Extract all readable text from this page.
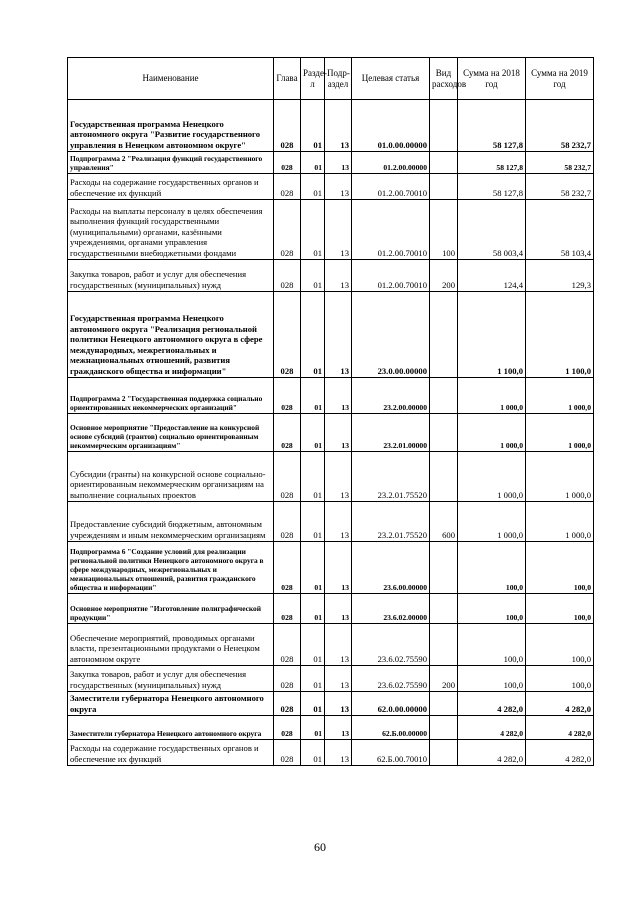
Наименование	Глава	Раздел	Подраздел	Целевая статья	Вид расходов	Сумма на 2018 год	Сумма на 2019 год
Государственная программа Ненецкого автономного округа "Развитие государственного управления в Ненецком автономном округе"	028	01	13	01.0.00.00000		58 127,8	58 232,7
Подпрограмма 2 "Реализация функций государственного управления"	028	01	13	01.2.00.00000		58 127,8	58 232,7
Расходы на содержание государственных органов и обеспечение их функций	028	01	13	01.2.00.70010		58 127,8	58 232,7
Расходы на выплаты персоналу в целях обеспечения выполнения функций государственными (муниципальными) органами, казёнными учреждениями, органами управления государственными внебюджетными фондами	028	01	13	01.2.00.70010	100	58 003,4	58 103,4
Закупка товаров, работ и услуг для обеспечения государственных (муниципальных) нужд	028	01	13	01.2.00.70010	200	124,4	129,3
Государственная программа Ненецкого автономного округа "Реализация региональной политики Ненецкого автономного округа в сфере международных, межрегиональных и межнациональных отношений, развития гражданского общества и информации"	028	01	13	23.0.00.00000		1 100,0	1 100,0
Подпрограмма 2 "Государственная поддержка социально ориентированных некоммерческих организаций"	028	01	13	23.2.00.00000		1 000,0	1 000,0
Основное мероприятие "Предоставление на конкурсной основе субсидий (грантов) социально ориентированным некоммерческим организациям"	028	01	13	23.2.01.00000		1 000,0	1 000,0
Субсидии (гранты) на конкурсной основе социально-ориентированным некоммерческим организациям на выполнение социальных проектов	028	01	13	23.2.01.75520		1 000,0	1 000,0
Предоставление субсидий бюджетным, автономным учреждениям и иным некоммерческим организациям	028	01	13	23.2.01.75520	600	1 000,0	1 000,0
Подпрограмма 6 "Создание условий для реализации региональной политики Ненецкого автономного округа в сфере международных, межрегиональных и межнациональных отношений, развития гражданского общества и информации"	028	01	13	23.6.00.00000		100,0	100,0
Основное мероприятие "Изготовление полиграфической продукции"	028	01	13	23.6.02.00000		100,0	100,0
Обеспечение мероприятий, проводимых органами власти, презентационными продуктами о Ненецком автономном округе	028	01	13	23.6.02.75590		100,0	100,0
Закупка товаров, работ и услуг для обеспечения государственных (муниципальных) нужд	028	01	13	23.6.02.75590	200	100,0	100,0
Заместители губернатора Ненецкого автономного округа	028	01	13	62.0.00.00000		4 282,0	4 282,0
Заместители губернатора Ненецкого автономного округа	028	01	13	62.Б.00.00000		4 282,0	4 282,0
Расходы на содержание государственных органов и обеспечение их функций	028	01	13	62.Б.00.70010		4 282,0	4 282,0
60
